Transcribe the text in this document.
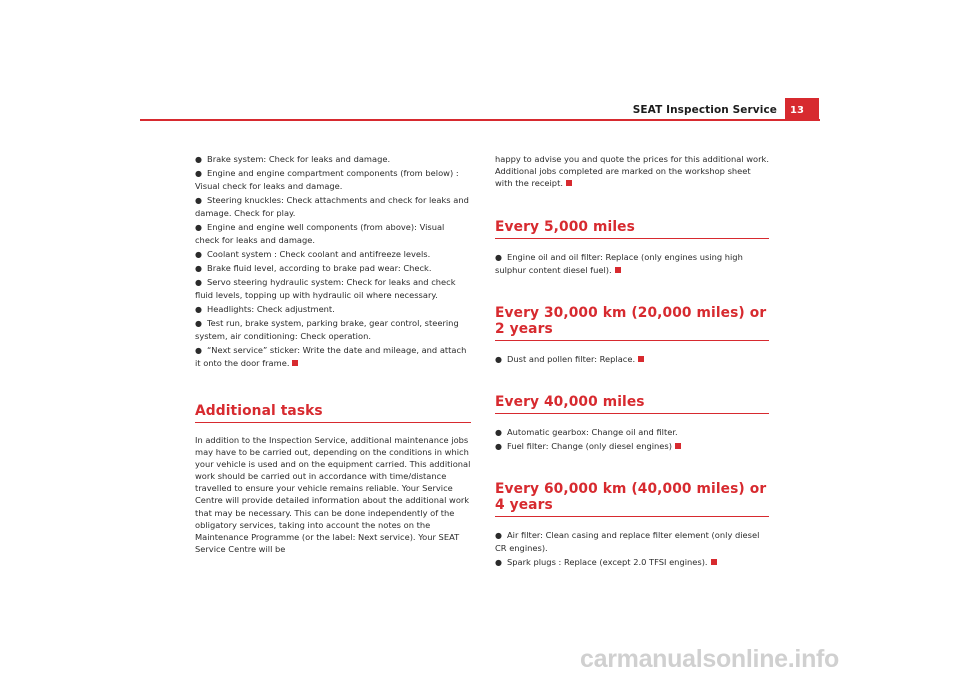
SEAT Inspection Service	13

● Brake system: Check for leaks and damage.

● Engine and engine compartment components (from below) : Visual check for leaks and damage.

● Steering knuckles: Check attachments and check for leaks and damage. Check for play.

● Engine and engine well components (from above): Visual check for leaks and damage.

● Coolant system : Check coolant and antifreeze levels.

● Brake fluid level, according to brake pad wear: Check.

● Servo steering hydraulic system: Check for leaks and check fluid levels, topping up with hydraulic oil where necessary.

● Headlights: Check adjustment.

● Test run, brake system, parking brake, gear control, steering system, air conditioning: Check operation.

● “Next service” sticker: Write the date and mileage, and attach it onto the door frame.

Additional tasks

In addition to the Inspection Service, additional maintenance jobs may have to be carried out, depending on the conditions in which your vehicle is used and on the equipment carried. This additional work should be carried out in accordance with time/distance travelled to ensure your vehicle remains reliable. Your Service Centre will provide detailed information about the additional work that may be necessary. This can be done independently of the obligatory services, taking into account the notes on the Maintenance Programme (or the label: Next service). Your SEAT Service Centre will be

happy to advise you and quote the prices for this additional work. Additional jobs completed are marked on the workshop sheet with the receipt.

Every 5,000 miles

● Engine oil and oil filter: Replace (only engines using high sulphur content diesel fuel).

Every 30,000 km (20,000 miles) or 2 years

● Dust and pollen filter: Replace.

Every 40,000 miles

● Automatic gearbox: Change oil and filter.

● Fuel filter: Change (only diesel engines)

Every 60,000 km (40,000 miles) or 4 years

● Air filter: Clean casing and replace filter element (only diesel CR engines).

● Spark plugs : Replace (except 2.0 TFSI engines).

carmanualsonline.info
